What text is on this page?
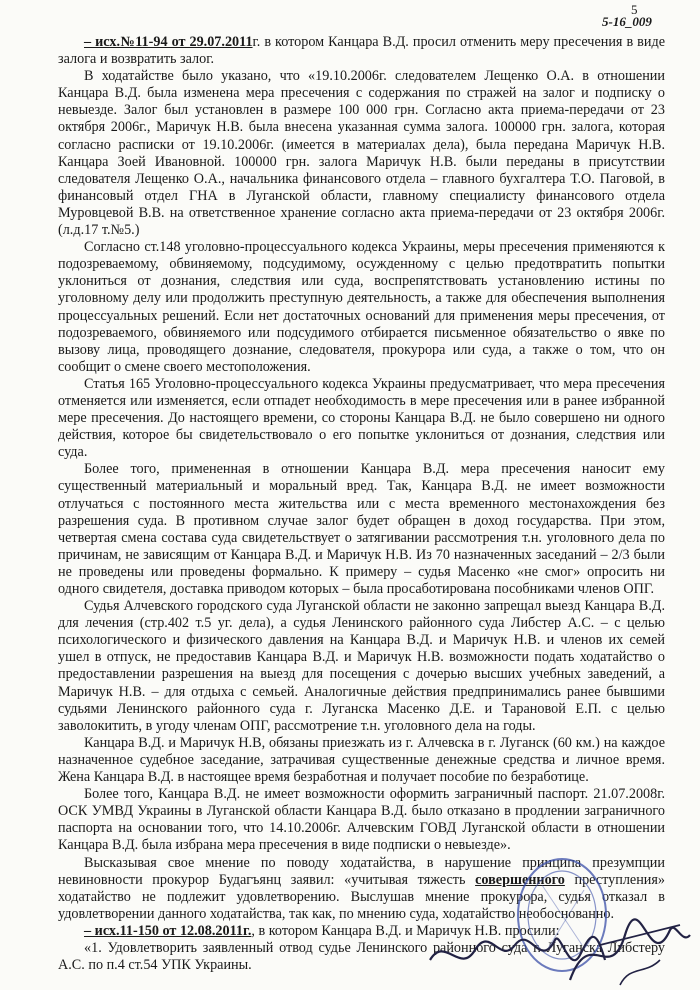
5
5-16_009

– исх.№11-94 от 29.07.2011г. в котором Канцара В.Д. просил отменить меру пресечения в виде залога и возвратить залог.

В ходатайстве было указано, что «19.10.2006г. следователем Лещенко О.А. в отношении Канцара В.Д. была изменена мера пресечения с содержания по стражей на залог и подписку о невыезде. Залог был установлен в размере 100 000 грн. Согласно акта приема-передачи от 23 октября 2006г., Маричук Н.В. была внесена указанная сумма залога. 100000 грн. залога, которая согласно расписки от 19.10.2006г. (имеется в материалах дела), была передана Маричук Н.В. Канцара Зоей Ивановной. 100000 грн. залога Маричук Н.В. были переданы в присутствии следователя Лещенко О.А., начальника финансового отдела – главного бухгалтера Т.О. Паговой, в финансовый отдел ГНА в Луганской области, главному специалисту финансового отдела Муровцевой В.В. на ответственное хранение согласно акта приема-передачи от 23 октября 2006г. (л.д.17 т.№5.)

Согласно ст.148 уголовно-процессуального кодекса Украины, меры пресечения применяются к подозреваемому, обвиняемому, подсудимому, осужденному с целью предотвратить попытки уклониться от дознания, следствия или суда, воспрепятствовать установлению истины по уголовному делу или продолжить преступную деятельность, а также для обеспечения выполнения процессуальных решений. Если нет достаточных оснований для применения меры пресечения, от подозреваемого, обвиняемого или подсудимого отбирается письменное обязательство о явке по вызову лица, проводящего дознание, следователя, прокурора или суда, а также о том, что он сообщит о смене своего местоположения.

Статья 165 Уголовно-процессуального кодекса Украины предусматривает, что мера пресечения отменяется или изменяется, если отпадет необходимость в мере пресечения или в ранее избранной мере пресечения. До настоящего времени, со стороны Канцара В.Д. не было совершено ни одного действия, которое бы свидетельствовало о его попытке уклониться от дознания, следствия или суда.

Более того, примененная в отношении Канцара В.Д. мера пресечения наносит ему существенный материальный и моральный вред. Так, Канцара В.Д. не имеет возможности отлучаться с постоянного места жительства или с места временного местонахождения без разрешения суда. В противном случае залог будет обращен в доход государства. При этом, четвертая смена состава суда свидетельствует о затягивании рассмотрения т.н. уголовного дела по причинам, не зависящим от Канцара В.Д. и Маричук Н.В. Из 70 назначенных заседаний – 2/3 были не проведены или проведены формально. К примеру – судья Масенко «не смог» опросить ни одного свидетеля, доставка приводом которых – была просаботирована пособниками членов ОПГ.

Судья Алчевского городского суда Луганской области не законно запрещал выезд Канцара В.Д. для лечения (стр.402 т.5 уг. дела), а судья Ленинского районного суда Либстер А.С. – с целью психологического и физического давления на Канцара В.Д. и Маричук Н.В. и членов их семей ушел в отпуск, не предоставив Канцара В.Д. и Маричук Н.В. возможности подать ходатайство о предоставлении разрешения на выезд для посещения с дочерью высших учебных заведений, а Маричук Н.В. – для отдыха с семьей. Аналогичные действия предпринимались ранее бывшими судьями Ленинского районного суда г. Луганска Масенко Д.Е. и Тарановой Е.П. с целью заволокитить, в угоду членам ОПГ, рассмотрение т.н. уголовного дела на годы.

Канцара В.Д. и Маричук Н.В, обязаны приезжать из г. Алчевска в г. Луганск (60 км.) на каждое назначенное судебное заседание, затрачивая существенные денежные средства и личное время. Жена Канцара В.Д. в настоящее время безработная и получает пособие по безработице.

Более того, Канцара В.Д. не имеет возможности оформить заграничный паспорт. 21.07.2008г. ОСК УМВД Украины в Луганской области Канцара В.Д. было отказано в продлении заграничного паспорта на основании того, что 14.10.2006г. Алчевским ГОВД Луганской области в отношении Канцара В.Д. была избрана мера пресечения в виде подписки о невыезде».

Высказывая свое мнение по поводу ходатайства, в нарушение принципа презумпции невиновности прокурор Будагъянц заявил: «учитывая тяжесть совершенного преступления» ходатайство не подлежит удовлетворению. Выслушав мнение прокурора, судья отказал в удовлетворении данного ходатайства, так как, по мнению суда, ходатайство необоснованно.

– исх.11-150 от 12.08.2011г., в котором Канцара В.Д. и Маричук Н.В. просили:

«1. Удовлетворить заявленный отвод судье Ленинского районного суда г. Луганска Либстеру А.С. по п.4 ст.54 УПК Украины.
